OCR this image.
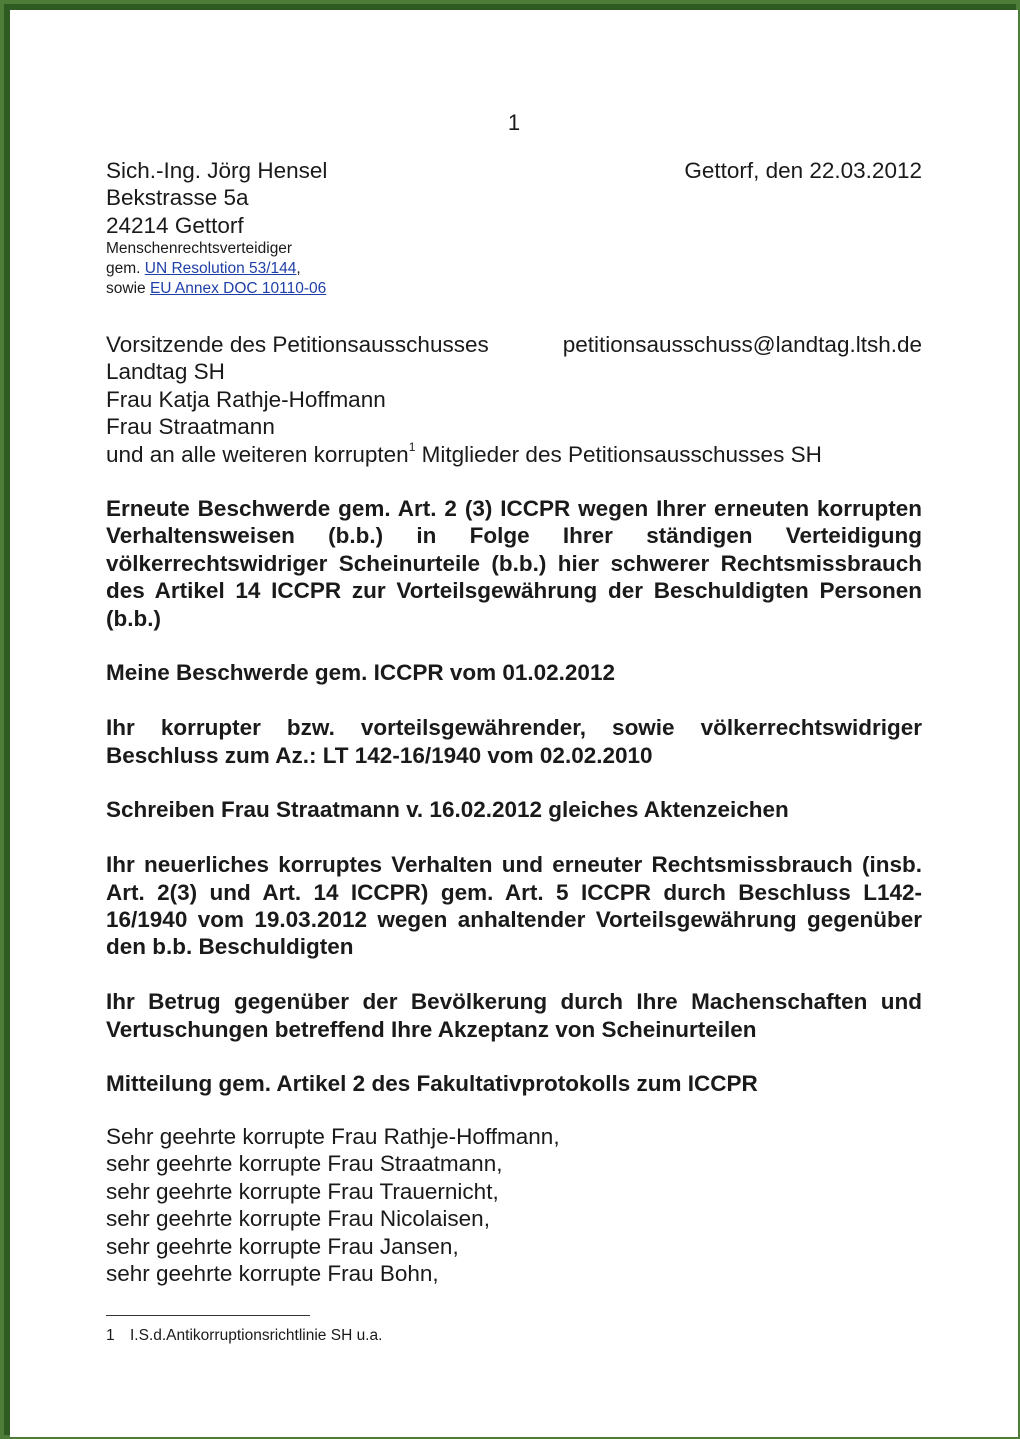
1
Sich.-Ing. Jörg Hensel
Bekstrasse 5a
24214 Gettorf
Menschenrechtsverteidiger
gem. UN Resolution 53/144,
sowie EU Annex DOC 10110-06
Gettorf, den 22.03.2012
Vorsitzende des Petitionsausschusses
Landtag SH
Frau Katja Rathje-Hoffmann
Frau Straatmann
und an alle weiteren korrupten$^1$ Mitglieder des Petitionsausschusses SH
petitionsausschuss@landtag.ltsh.de

Erneute Beschwerde gem. Art. 2 (3) ICCPR wegen Ihrer erneuten korrupten Verhaltensweisen (b.b.) in Folge Ihrer ständigen Verteidigung völkerrechtswidriger Scheinurteile (b.b.) hier schwerer Rechtsmissbrauch des Artikel 14 ICCPR zur Vorteilsgewährung der Beschuldigten Personen (b.b.)

Meine Beschwerde gem. ICCPR vom 01.02.2012

Ihr korrupter bzw. vorteilsgewährender, sowie völkerrechtswidriger Beschluss zum Az.: LT 142-16/1940 vom 02.02.2010

Schreiben Frau Straatmann v. 16.02.2012 gleiches Aktenzeichen

Ihr neuerliches korruptes Verhalten und erneuter Rechtsmissbrauch (insb. Art. 2(3) und Art. 14 ICCPR) gem. Art. 5 ICCPR durch Beschluss L142-16/1940 vom 19.03.2012 wegen anhaltender Vorteilsgewährung gegenüber den b.b. Beschuldigten

Ihr Betrug gegenüber der Bevölkerung durch Ihre Machenschaften und Vertuschungen betreffend Ihre Akzeptanz von Scheinurteilen

Mitteilung gem. Artikel 2 des Fakultativprotokolls zum ICCPR

Sehr geehrte korrupte Frau Rathje-Hoffmann,
sehr geehrte korrupte Frau Straatmann,
sehr geehrte korrupte Frau Trauernicht,
sehr geehrte korrupte Frau Nicolaisen,
sehr geehrte korrupte Frau Jansen,
sehr geehrte korrupte Frau Bohn,
1 I.S.d.Antikorruptionsrichtlinie SH u.a.
